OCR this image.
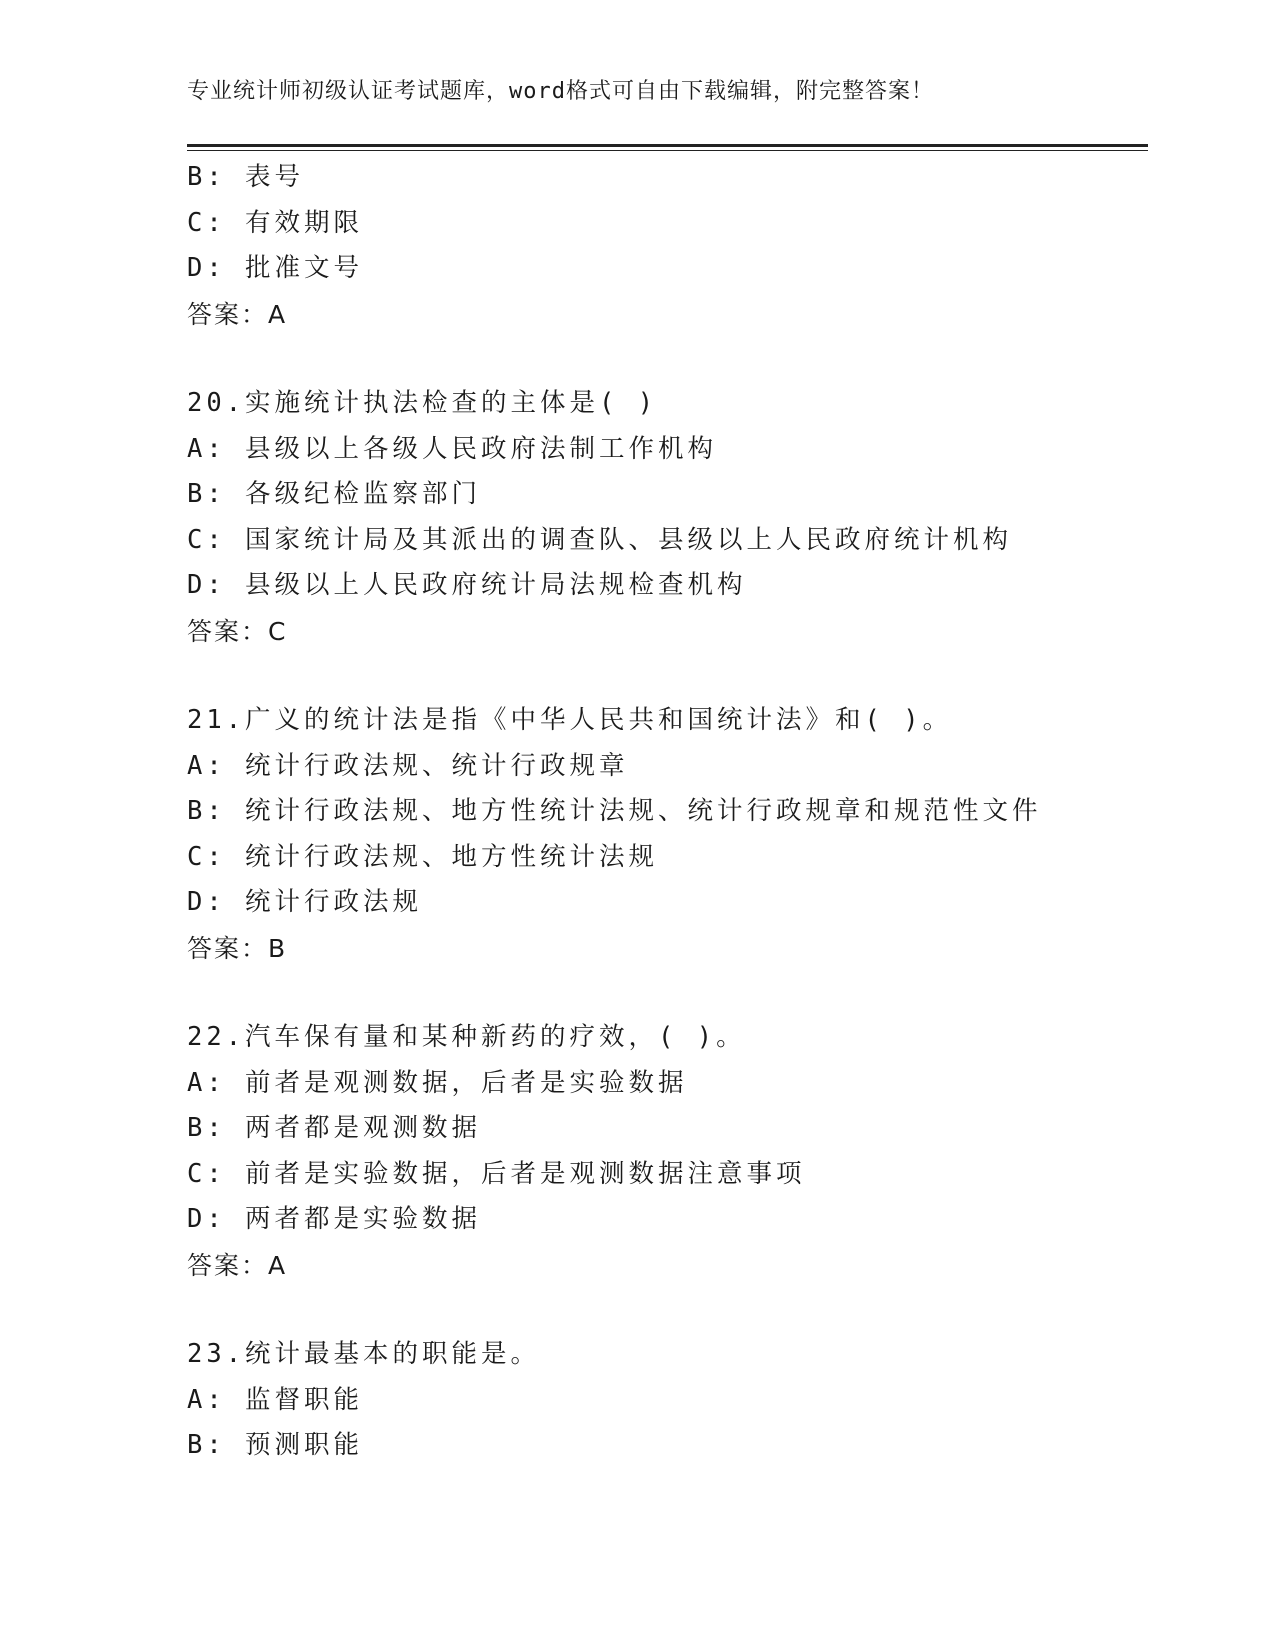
专业统计师初级认证考试题库，word格式可自由下载编辑，附完整答案！
B: 表号
C: 有效期限
D: 批准文号
答案：A
20.实施统计执法检查的主体是( )
A: 县级以上各级人民政府法制工作机构
B: 各级纪检监察部门
C: 国家统计局及其派出的调查队、县级以上人民政府统计机构
D: 县级以上人民政府统计局法规检查机构
答案：C
21.广义的统计法是指《中华人民共和国统计法》和( )。
A: 统计行政法规、统计行政规章
B: 统计行政法规、地方性统计法规、统计行政规章和规范性文件
C: 统计行政法规、地方性统计法规
D: 统计行政法规
答案：B
22.汽车保有量和某种新药的疗效，( )。
A: 前者是观测数据，后者是实验数据
B: 两者都是观测数据
C: 前者是实验数据，后者是观测数据注意事项
D: 两者都是实验数据
答案：A
23.统计最基本的职能是。
A: 监督职能
B: 预测职能
